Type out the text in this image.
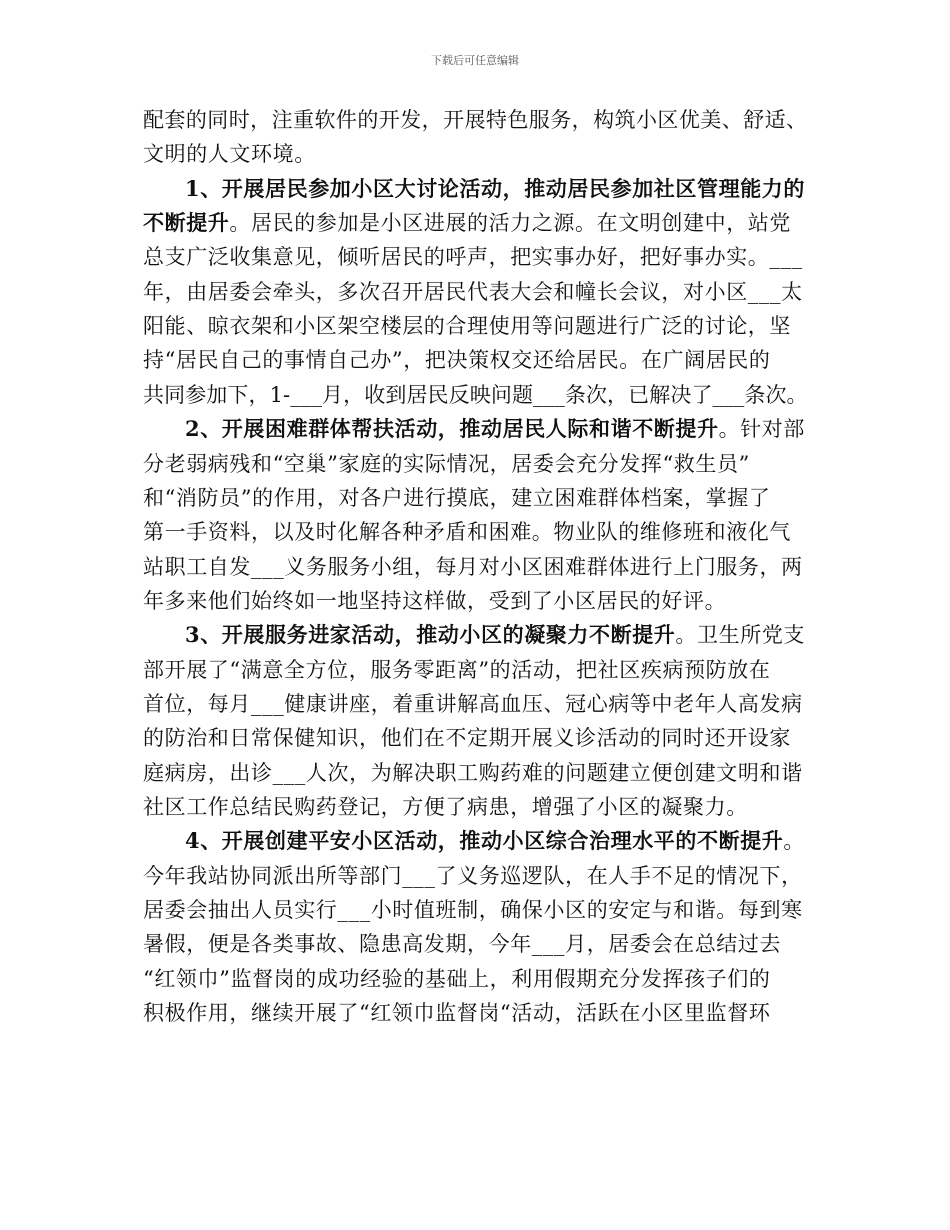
下载后可任意编辑
配套的同时，注重软件的开发，开展特色服务，构筑小区优美、舒适、
文明的人文环境。
1、开展居民参加小区大讨论活动，推动居民参加社区管理能力的
不断提升。居民的参加是小区进展的活力之源。在文明创建中，站党
总支广泛收集意见，倾听居民的呼声，把实事办好，把好事办实。___
年，由居委会牵头，多次召开居民代表大会和幢长会议，对小区___太
阳能、晾衣架和小区架空楼层的合理使用等问题进行广泛的讨论，坚
持“居民自己的事情自己办”，把决策权交还给居民。在广阔居民的
共同参加下，1-___月，收到居民反映问题___条次，已解决了___条次。
2、开展困难群体帮扶活动，推动居民人际和谐不断提升。针对部
分老弱病残和“空巢”家庭的实际情况，居委会充分发挥“救生员”
和“消防员”的作用，对各户进行摸底，建立困难群体档案，掌握了
第一手资料，以及时化解各种矛盾和困难。物业队的维修班和液化气
站职工自发___义务服务小组，每月对小区困难群体进行上门服务，两
年多来他们始终如一地坚持这样做，受到了小区居民的好评。
3、开展服务进家活动，推动小区的凝聚力不断提升。卫生所党支
部开展了“满意全方位，服务零距离”的活动，把社区疾病预防放在
首位，每月___健康讲座，着重讲解高血压、冠心病等中老年人高发病
的防治和日常保健知识，他们在不定期开展义诊活动的同时还开设家
庭病房，出诊___人次，为解决职工购药难的问题建立便创建文明和谐
社区工作总结民购药登记，方便了病患，增强了小区的凝聚力。
4、开展创建平安小区活动，推动小区综合治理水平的不断提升。
今年我站协同派出所等部门___了义务巡逻队，在人手不足的情况下，
居委会抽出人员实行___小时值班制，确保小区的安定与和谐。每到寒
暑假，便是各类事故、隐患高发期，今年___月，居委会在总结过去
“红领巾”监督岗的成功经验的基础上，利用假期充分发挥孩子们的
积极作用，继续开展了“红领巾监督岗“活动，活跃在小区里监督环
